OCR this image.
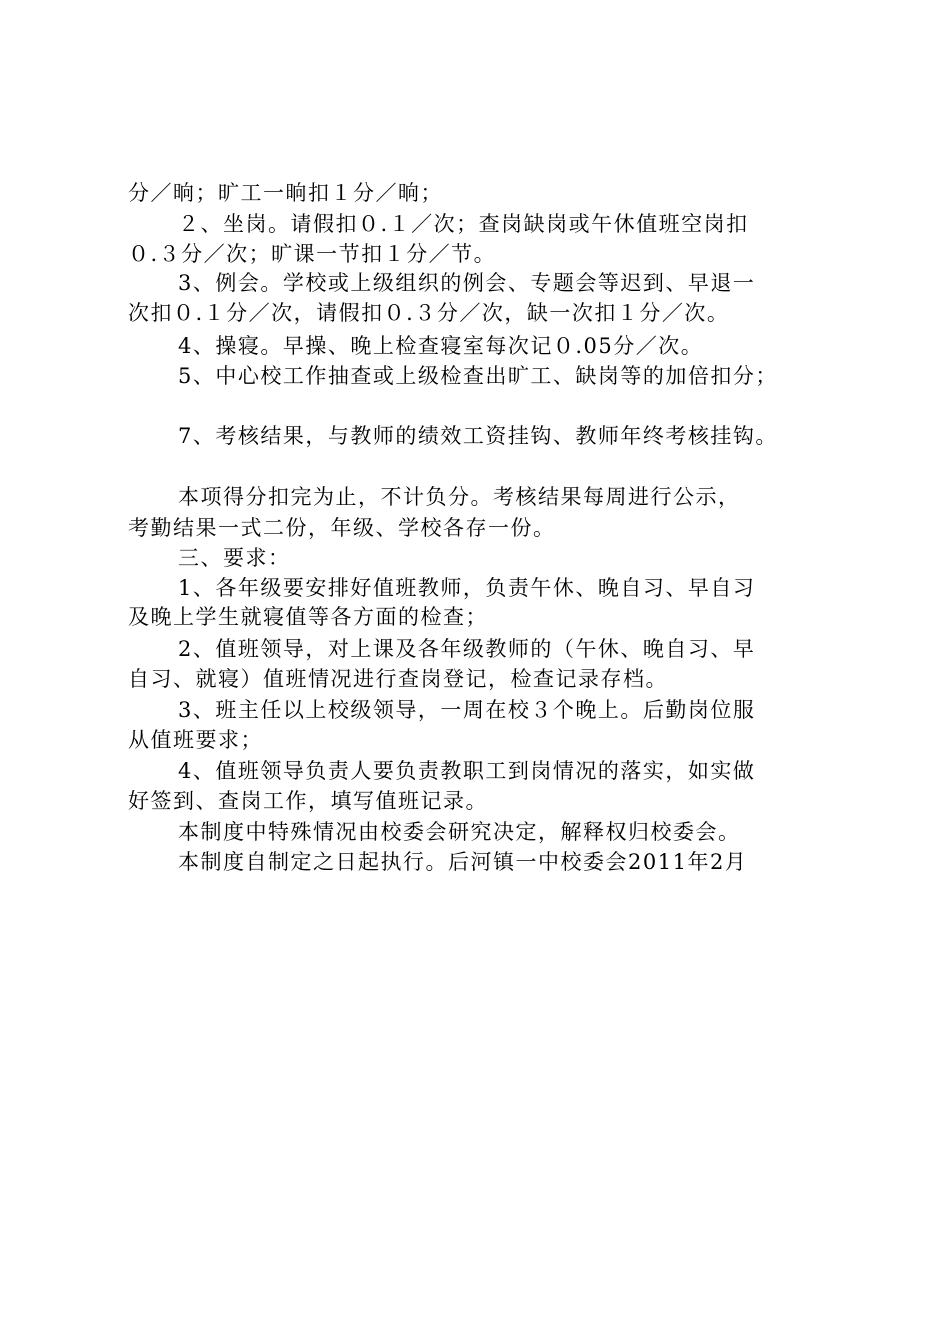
分／晌；旷工一晌扣１分／晌；
２、坐岗。请假扣０.１／次；查岗缺岗或午休值班空岗扣
０.３分／次；旷课一节扣１分／节。
3、例会。学校或上级组织的例会、专题会等迟到、早退一
次扣０.１分／次，请假扣０.３分／次，缺一次扣１分／次。
4、操寝。早操、晚上检查寝室每次记０.05分／次。
5、中心校工作抽查或上级检查出旷工、缺岗等的加倍扣分；
7、考核结果，与教师的绩效工资挂钩、教师年终考核挂钩。
本项得分扣完为止，不计负分。考核结果每周进行公示，
考勤结果一式二份，年级、学校各存一份。
三、要求：
1、各年级要安排好值班教师，负责午休、晚自习、早自习
及晚上学生就寝值等各方面的检查；
2、值班领导，对上课及各年级教师的（午休、晚自习、早
自习、就寝）值班情况进行查岗登记，检查记录存档。
3、班主任以上校级领导，一周在校３个晚上。后勤岗位服
从值班要求；
4、值班领导负责人要负责教职工到岗情况的落实，如实做
好签到、查岗工作，填写值班记录。
本制度中特殊情况由校委会研究决定，解释权归校委会。
本制度自制定之日起执行。后河镇一中校委会2011年2月
